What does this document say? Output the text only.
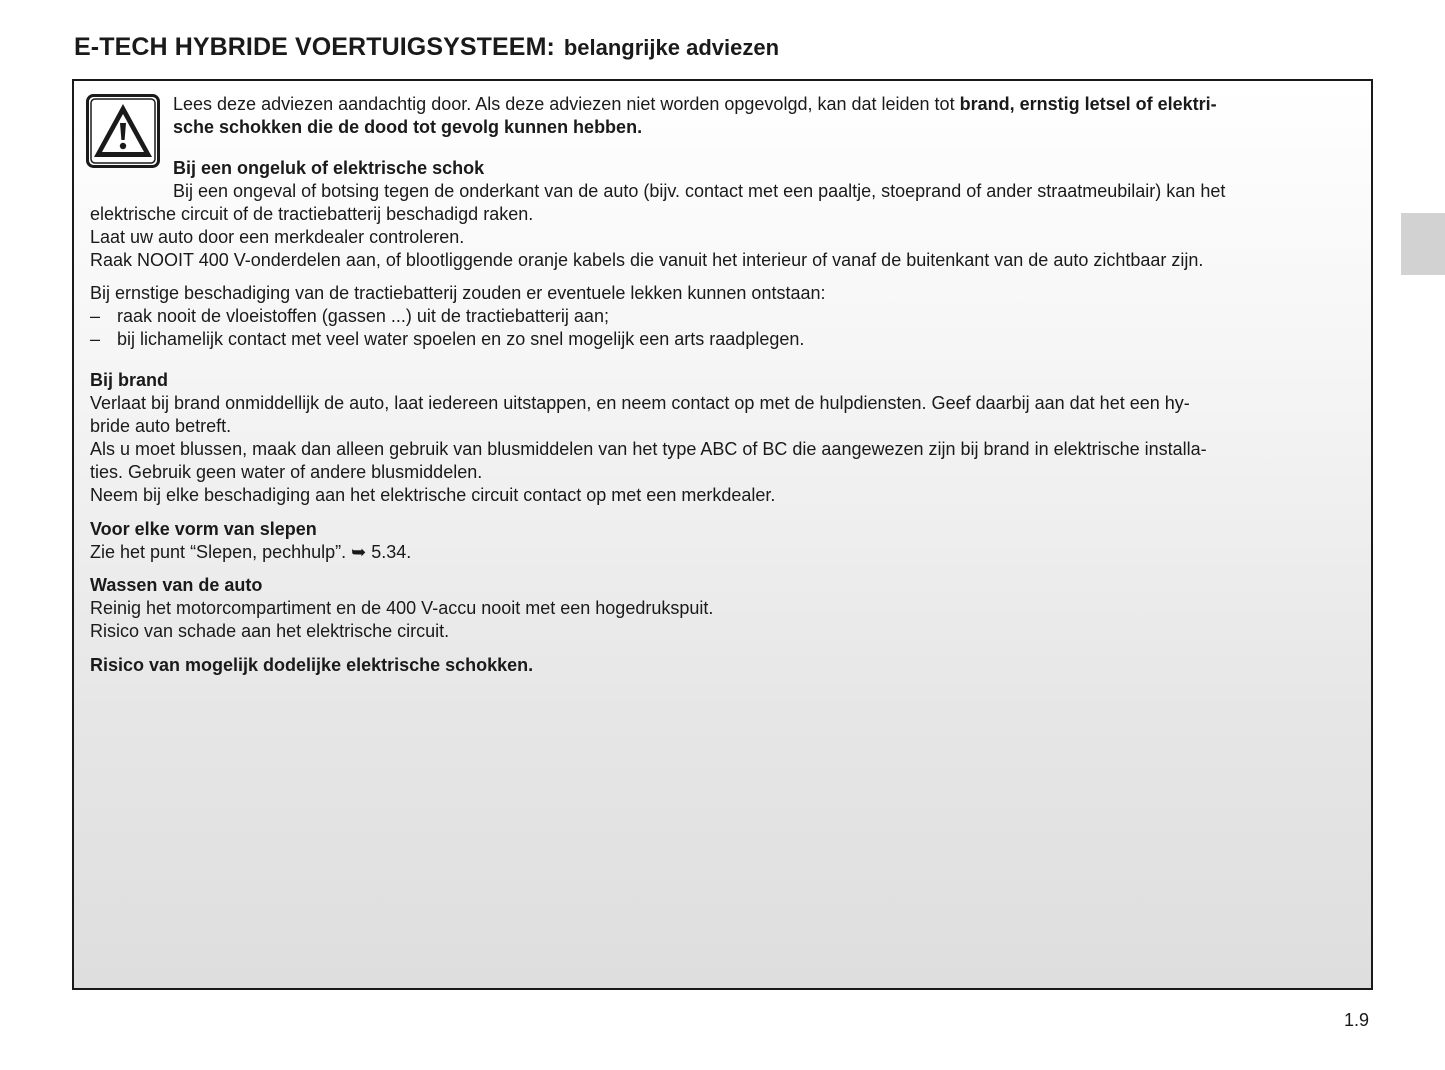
E-TECH HYBRIDE VOERTUIGSYSTEEM: belangrijke adviezen

Lees deze adviezen aandachtig door. Als deze adviezen niet worden opgevolgd, kan dat leiden tot brand, ernstig letsel of elektri-

sche schokken die de dood tot gevolg kunnen hebben.

Bij een ongeluk of elektrische schok

Bij een ongeval of botsing tegen de onderkant van de auto (bijv. contact met een paaltje, stoeprand of ander straatmeubilair) kan het

elektrische circuit of de tractiebatterij beschadigd raken.

Laat uw auto door een merkdealer controleren.

Raak NOOIT 400 V-onderdelen aan, of blootliggende oranje kabels die vanuit het interieur of vanaf de buitenkant van de auto zichtbaar zijn.

Bij ernstige beschadiging van de tractiebatterij zouden er eventuele lekken kunnen ontstaan:

– raak nooit de vloeistoffen (gassen ...) uit de tractiebatterij aan;
– bij lichamelijk contact met veel water spoelen en zo snel mogelijk een arts raadplegen.

Bij brand

Verlaat bij brand onmiddellijk de auto, laat iedereen uitstappen, en neem contact op met de hulpdiensten. Geef daarbij aan dat het een hy-

bride auto betreft.

Als u moet blussen, maak dan alleen gebruik van blusmiddelen van het type ABC of BC die aangewezen zijn bij brand in elektrische installa-

ties. Gebruik geen water of andere blusmiddelen.

Neem bij elke beschadiging aan het elektrische circuit contact op met een merkdealer.

Voor elke vorm van slepen

Zie het punt “Slepen, pechhulp”. ➥ 5.34.

Wassen van de auto

Reinig het motorcompartiment en de 400 V-accu nooit met een hogedrukspuit.

Risico van schade aan het elektrische circuit.

Risico van mogelijk dodelijke elektrische schokken.

1.9
